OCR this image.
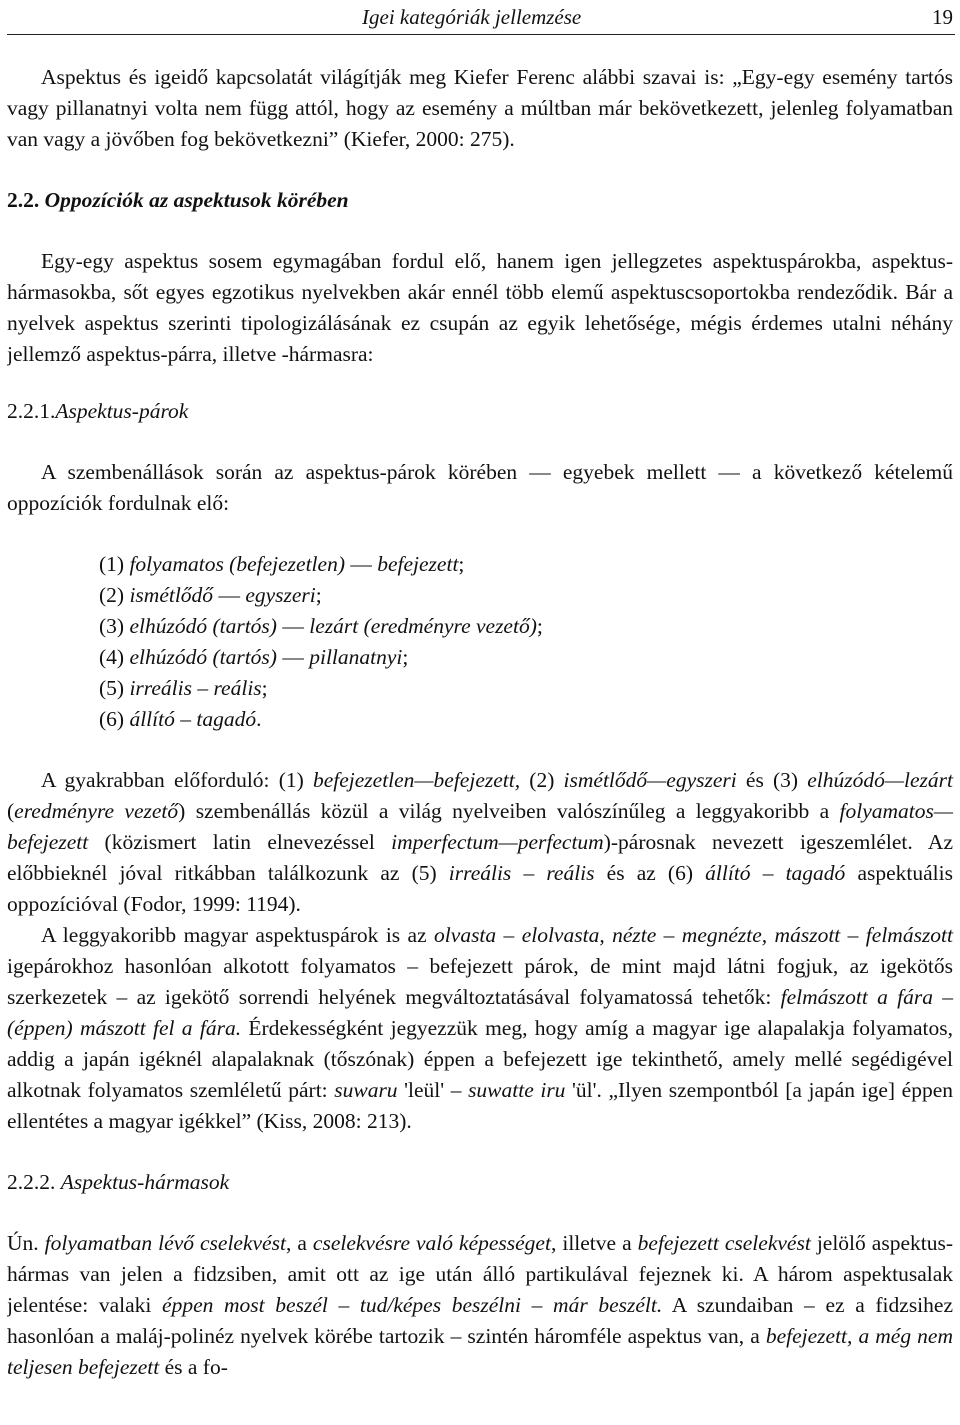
Igei kategóriák jellemzése	19

Aspektus és igeidő kapcsolatát világítják meg Kiefer Ferenc alábbi szavai is: „Egy-egy esemény tartós vagy pillanatnyi volta nem függ attól, hogy az esemény a múltban már bekövetkezett, jelenleg folyamatban van vagy a jövőben fog bekövetkezni” (Kiefer, 2000: 275).

2.2. Oppozíciók az aspektusok körében

Egy-egy aspektus sosem egymagában fordul elő, hanem igen jellegzetes aspektuspárokba, aspektus-hármasokba, sőt egyes egzotikus nyelvekben akár ennél több elemű aspektuscsoportokba rendeződik. Bár a nyelvek aspektus szerinti tipologizálásának ez csupán az egyik lehetősége, mégis érdemes utalni néhány jellemző aspektus-párra, illetve -hármasra:

2.2.1.Aspektus-párok

A szembenállások során az aspektus-párok körében — egyebek mellett — a következő kételemű oppozíciók fordulnak elő:

(1) folyamatos (befejezetlen) — befejezett;
(2) ismétlődő — egyszeri;
(3) elhúzódó (tartós) — lezárt (eredményre vezető);
(4) elhúzódó (tartós) — pillanatnyi;
(5) irreális – reális;
(6) állító – tagadó.

A gyakrabban előforduló: (1) befejezetlen—befejezett, (2) ismétlődő—egyszeri és (3) elhúzódó—lezárt (eredményre vezető) szembenállás közül a világ nyelveiben valószínűleg a leggyakoribb a folyamatos—befejezett (közismert latin elnevezéssel imperfectum—perfectum)-párosnak nevezett igeszemlélet. Az előbbieknél jóval ritkábban találkozunk az (5) irreális – reális és az (6) állító – tagadó aspektuális oppozícióval (Fodor, 1999: 1194).

A leggyakoribb magyar aspektuspárok is az olvasta – elolvasta, nézte – megnézte, mászott – felmászott igepárokhoz hasonlóan alkotott folyamatos – befejezett párok, de mint majd látni fogjuk, az igekötős szerkezetek – az igekötő sorrendi helyének megváltoztatásával folyamatossá tehetők: felmászott a fára – (éppen) mászott fel a fára. Érdekességként jegyezzük meg, hogy amíg a magyar ige alapalakja folyamatos, addig a japán igéknél alapalaknak (tőszónak) éppen a befejezett ige tekinthető, amely mellé segédigével alkotnak folyamatos szemléletű párt: suwaru 'leül' – suwatte iru 'ül'. „Ilyen szempontból [a japán ige] éppen ellentétes a magyar igékkel” (Kiss, 2008: 213).

2.2.2. Aspektus-hármasok

Ún. folyamatban lévő cselekvést, a cselekvésre való képességet, illetve a befejezett cselekvést jelölő aspektus-hármas van jelen a fidzsiben, amit ott az ige után álló partikulával fejeznek ki. A három aspektusalak jelentése: valaki éppen most beszél – tud/képes beszélni – már beszélt. A szundaiban – ez a fidzsihez hasonlóan a maláj-polinéz nyelvek körébe tartozik – szintén háromféle aspektus van, a befejezett, a még nem teljesen befejezett és a fo-
